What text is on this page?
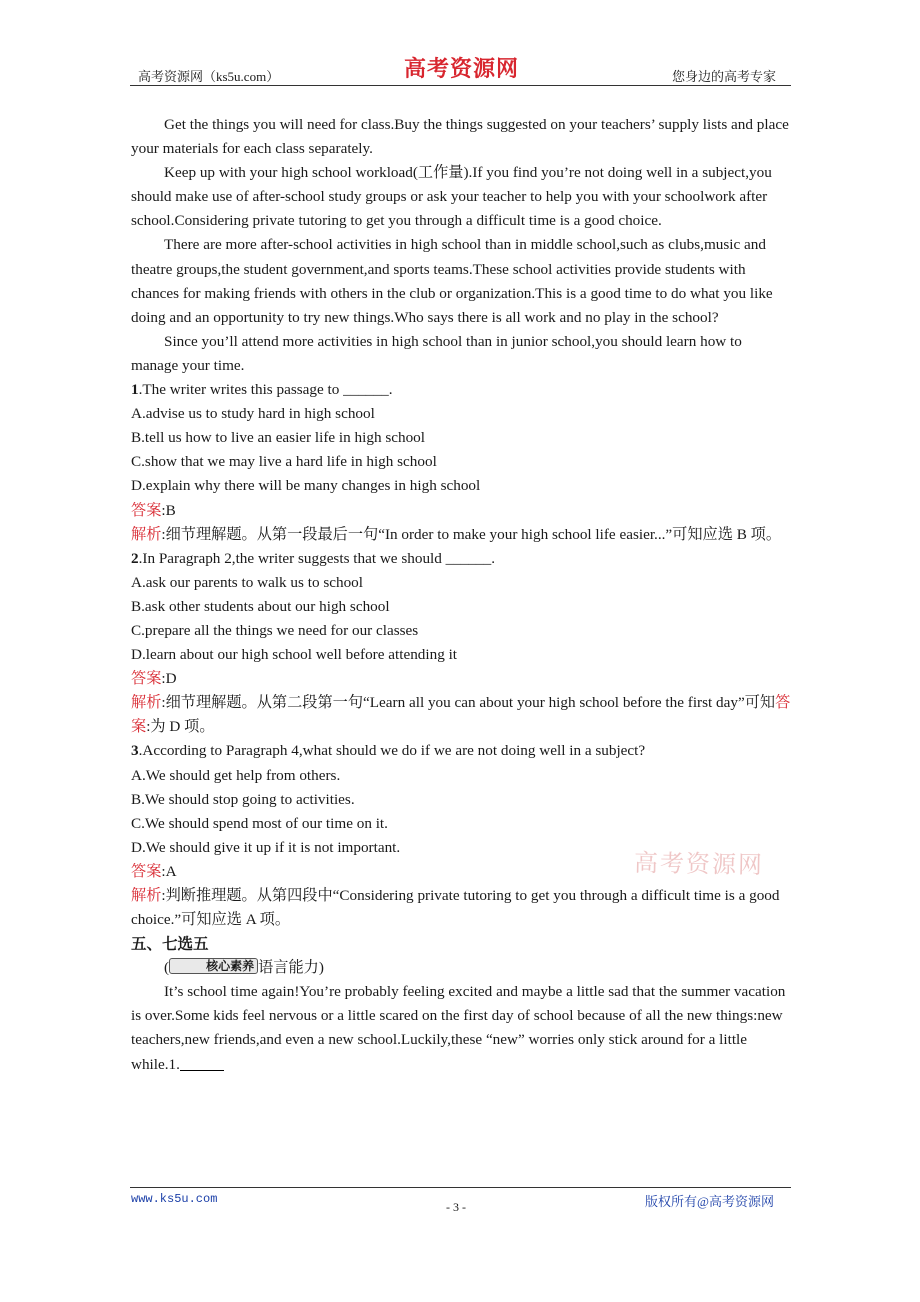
高考资源网（ks5u.com）	高考资源网	您身边的高考专家

Get the things you will need for class.Buy the things suggested on your teachers’ supply lists and place your materials for each class separately.

Keep up with your high school workload(工作量).If you find you’re not doing well in a subject,you should make use of after-school study groups or ask your teacher to help you with your schoolwork after school.Considering private tutoring to get you through a difficult time is a good choice.

There are more after-school activities in high school than in middle school,such as clubs,music and theatre groups,the student government,and sports teams.These school activities provide students with chances for making friends with others in the club or organization.This is a good time to do what you like doing and an opportunity to try new things.Who says there is all work and no play in the school?

Since you’ll attend more activities in high school than in junior school,you should learn how to manage your time.

1.The writer writes this passage to ______.

A.advise us to study hard in high school

B.tell us how to live an easier life in high school

C.show that we may live a hard life in high school

D.explain why there will be many changes in high school

答案:B

解析:细节理解题。从第一段最后一句“In order to make your high school life easier...”可知应选 B 项。

2.In Paragraph 2,the writer suggests that we should ______.

A.ask our parents to walk us to school

B.ask other students about our high school

C.prepare all the things we need for our classes

D.learn about our high school well before attending it

答案:D

解析:细节理解题。从第二段第一句“Learn all you can about your high school before the first day”可知答案:为 D 项。

3.According to Paragraph 4,what should we do if we are not doing well in a subject?

A.We should get help from others.

B.We should stop going to activities.

C.We should spend most of our time on it.

D.We should give it up if it is not important.

答案:A

解析:判断推理题。从第四段中“Considering private tutoring to get you through a difficult time is a good choice.”可知应选 A 项。

五、七选五

(	核心素养 语言能力)

It’s school time again!You’re probably feeling excited and maybe a little sad that the summer vacation is over.Some kids feel nervous or a little scared on the first day of school because of all the new things:new teachers,new friends,and even a new school.Luckily,these “new” worries only stick around for a little while.1.

高考资源网
www.ks5u.com
- 3 -	版权所有@高考资源网
